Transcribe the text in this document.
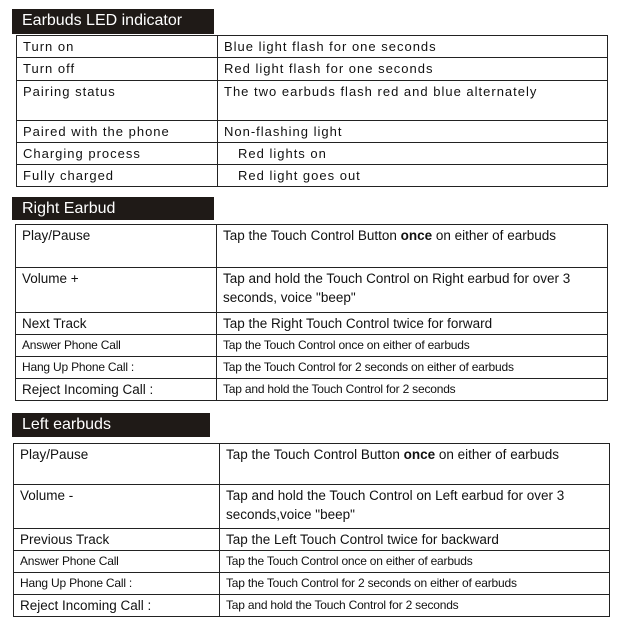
Earbuds LED indicator
Turn on	Blue light flash for one seconds
Turn off	Red light flash for one seconds
Pairing status	The two earbuds flash red and blue alternately
Paired with the phone	Non-flashing light
Charging process	Red lights on
Fully charged	Red light goes out
Right Earbud
Play/Pause	Tap the Touch Control Button once on either of earbuds
Volume +	Tap and hold the Touch Control on Right earbud for over 3 seconds, voice "beep"
Next Track	Tap the Right Touch Control twice for forward
Answer Phone Call	Tap the Touch Control once on either of earbuds
Hang Up Phone Call :	Tap the Touch Control for 2 seconds on either of earbuds
Reject Incoming Call :	Tap and hold the Touch Control for 2 seconds
Left earbuds
Play/Pause	Tap the Touch Control Button once on either of earbuds
Volume -	Tap and hold the Touch Control on Left earbud for over 3 seconds,voice "beep"
Previous Track	Tap the Left Touch Control twice for backward
Answer Phone Call	Tap the Touch Control once on either of earbuds
Hang Up Phone Call :	Tap the Touch Control for 2 seconds on either of earbuds
Reject Incoming Call :	Tap and hold the Touch Control for 2 seconds
